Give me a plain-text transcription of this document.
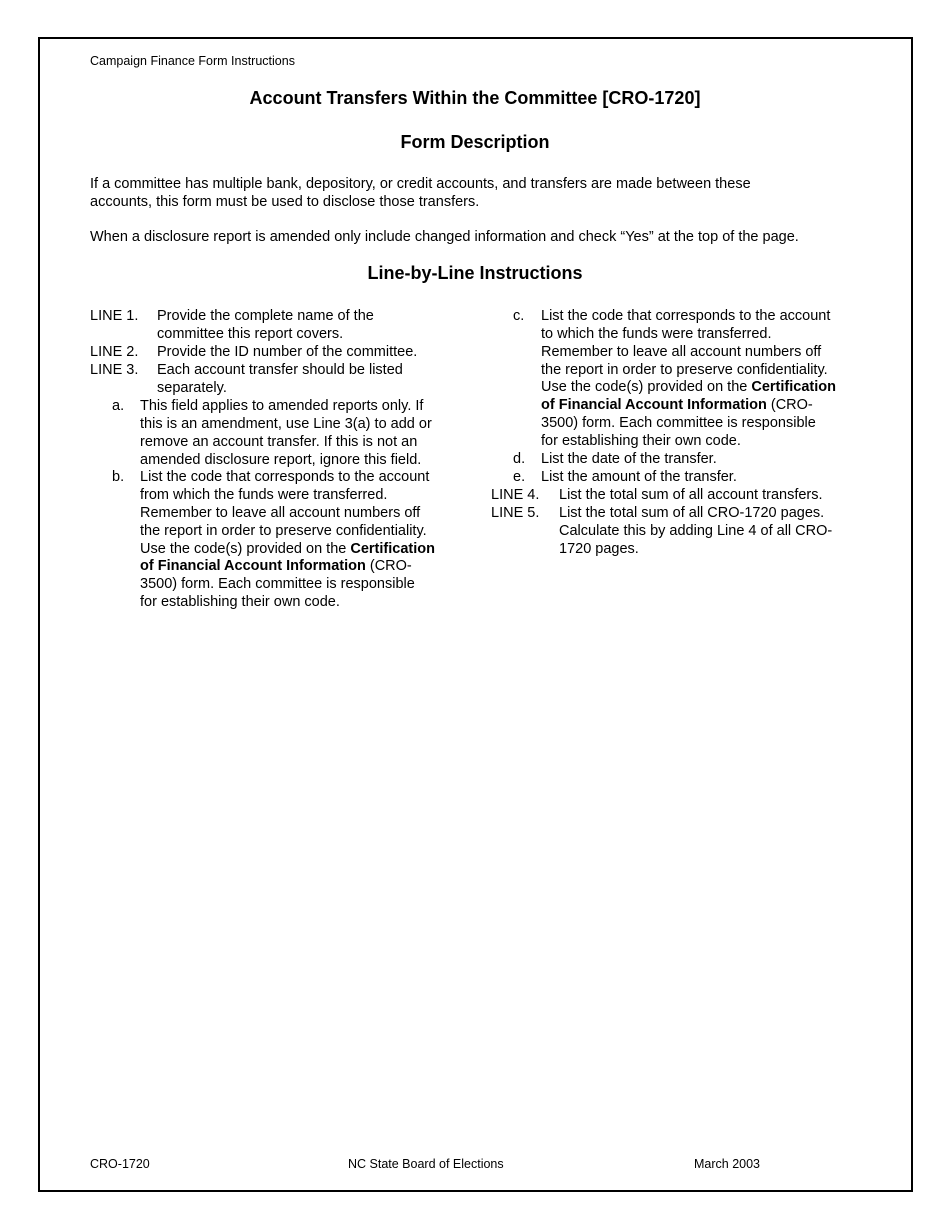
Campaign Finance Form Instructions
Account Transfers Within the Committee [CRO-1720]
Form Description
If a committee has multiple bank, depository, or credit accounts, and transfers are made between these
accounts, this form must be used to disclose those transfers.
When a disclosure report is amended only include changed information and check “Yes” at the top of the page.
Line-by-Line Instructions
LINE 1. Provide the complete name of the
committee this report covers.
LINE 2. Provide the ID number of the committee.
LINE 3. Each account transfer should be listed
separately.
a. This field applies to amended reports only. If
this is an amendment, use Line 3(a) to add or
remove an account transfer. If this is not an
amended disclosure report, ignore this field.
b. List the code that corresponds to the account
from which the funds were transferred.
Remember to leave all account numbers off
the report in order to preserve confidentiality.
Use the code(s) provided on the Certification
of Financial Account Information (CRO-
3500) form. Each committee is responsible
for establishing their own code.
c. List the code that corresponds to the account
to which the funds were transferred.
Remember to leave all account numbers off
the report in order to preserve confidentiality.
Use the code(s) provided on the Certification
of Financial Account Information (CRO-
3500) form. Each committee is responsible
for establishing their own code.
d. List the date of the transfer.
e. List the amount of the transfer.
LINE 4. List the total sum of all account transfers.
LINE 5. List the total sum of all CRO-1720 pages.
Calculate this by adding Line 4 of all CRO-
1720 pages.
CRO-1720	NC State Board of Elections	March 2003
